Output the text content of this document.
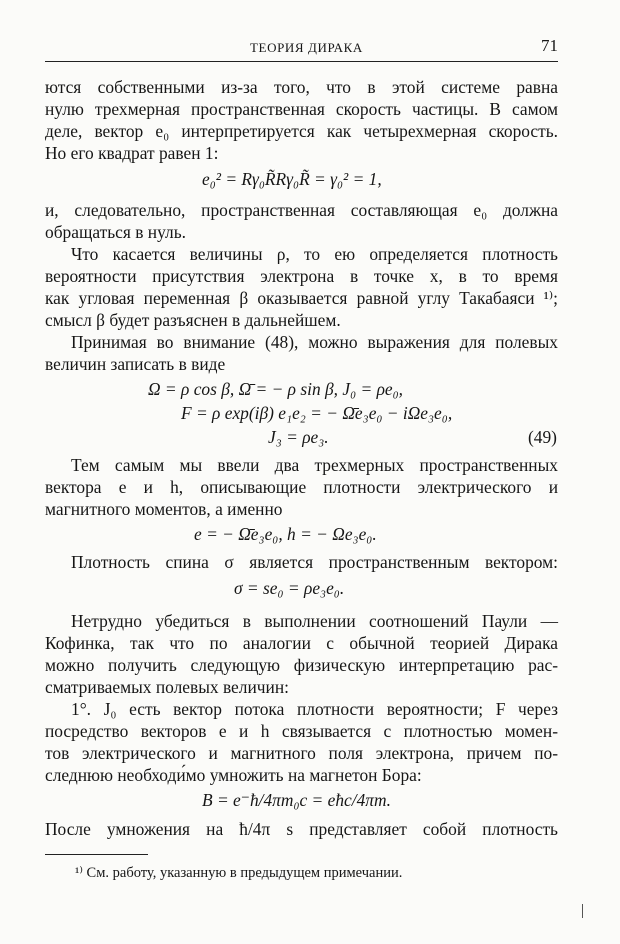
ТЕОРИЯ ДИРАКА	71
ются собственными из-за того, что в этой системе равна
нулю трехмерная пространственная скорость частицы. В самом
деле, вектор e₀ интерпретируется как четырехмерная скорость.
Но его квадрат равен 1:
e₀² = Rγ₀R̃Rγ₀R̃ = γ₀² = 1,
и, следовательно, пространственная составляющая e₀ должна
обращаться в нуль.
Что касается величины ρ, то ею определяется плотность
вероятности присутствия электрона в точке x, в то время
как угловая переменная β оказывается равной углу Такабаяси ¹⁾;
смысл β будет разъяснен в дальнейшем.
Принимая во внимание (48), можно выражения для полевых
величин записать в виде
Ω = ρ cos β, Ω̄ = − ρ sin β, J₀ = ρe₀,
F = ρ exp(iβ) e₁e₂ = − Ω̄e₃e₀ − iΩe₃e₀,
J₃ = ρe₃.	(49)
Тем самым мы ввели два трехмерных пространственных
вектора e и h, описывающие плотности электрического и
магнитного моментов, а именно
e = − Ω̄e₃e₀, h = − Ωe₃e₀.
Плотность спина σ является пространственным вектором:
σ = se₀ = ρe₃e₀.
Нетрудно убедиться в выполнении соотношений Паули —
Кофинка, так что по аналогии с обычной теорией Дирака
можно получить следующую физическую интерпретацию рас-
сматриваемых полевых величин:
1°. J₀ есть вектор потока плотности вероятности; F через
посредство векторов e и h связывается с плотностью момен-
тов электрического и магнитного поля электрона, причем по-
следнюю необходи́мо умножить на магнетон Бора:
B = e⁻ħ/4πm₀c = eħc/4πm.
После умножения на ħ/4π s представляет собой плотность
¹⁾ См. работу, указанную в предыдущем примечании.
